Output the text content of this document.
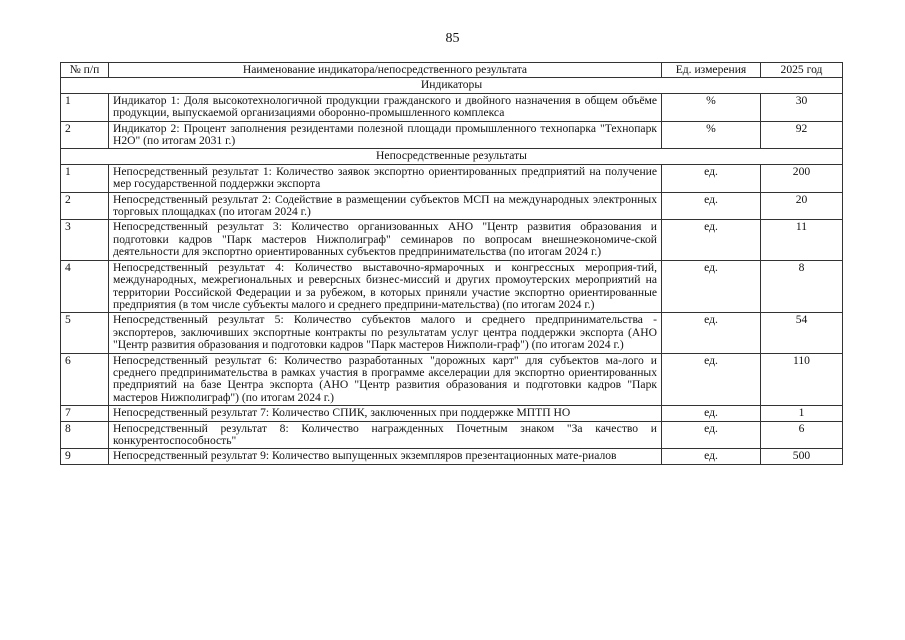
85
№ п/п	Наименование индикатора/непосредственного результата	Ед. измерения	2025 год
Индикаторы			
1	Индикатор 1: Доля высокотехнологичной продукции гражданского и двойного назначения в общем объёме продукции, выпускаемой организациями оборонно-промышленного комплекса	%	30
2	Индикатор 2: Процент заполнения резидентами полезной площади промышленного технопарка "Технопарк Н2О" (по итогам 2031 г.)	%	92
Непосредственные результаты			
1	Непосредственный результат 1: Количество заявок экспортно ориентированных предприятий на получение мер государственной поддержки экспорта	ед.	200
2	Непосредственный результат 2: Содействие в размещении субъектов МСП на международных электронных торговых площадках (по итогам 2024 г.)	ед.	20
3	Непосредственный результат 3: Количество организованных АНО "Центр развития образования и подготовки кадров "Парк мастеров Нижполиграф" семинаров по вопросам внешнеэкономиче-ской деятельности для экспортно ориентированных субъектов предпринимательства (по итогам 2024 г.)	ед.	11
4	Непосредственный результат 4: Количество выставочно-ярмарочных и конгрессных мероприя-тий, международных, межрегиональных и реверсных бизнес-миссий и других промоутерских мероприятий на территории Российской Федерации и за рубежом, в которых приняли участие экспортно ориентированные предприятия (в том числе субъекты малого и среднего предприни-мательства) (по итогам 2024 г.)	ед.	8
5	Непосредственный результат 5: Количество субъектов малого и среднего предпринимательства - экспортеров, заключивших экспортные контракты по результатам услуг центра поддержки экспорта (АНО "Центр развития образования и подготовки кадров "Парк мастеров Нижполи-граф") (по итогам 2024 г.)	ед.	54
6	Непосредственный результат 6: Количество разработанных "дорожных карт" для субъектов ма-лого и среднего предпринимательства в рамках участия в программе акселерации для экспортно ориентированных предприятий на базе Центра экспорта (АНО "Центр развития образования и подготовки кадров "Парк мастеров Нижполиграф") (по итогам 2024 г.)	ед.	110
7	Непосредственный результат 7: Количество СПИК, заключенных при поддержке МПТП НО	ед.	1
8	Непосредственный результат 8: Количество награжденных Почетным знаком "За качество и конкурентоспособность"	ед.	6
9	Непосредственный результат 9: Количество выпущенных экземпляров презентационных мате-риалов	ед.	500
